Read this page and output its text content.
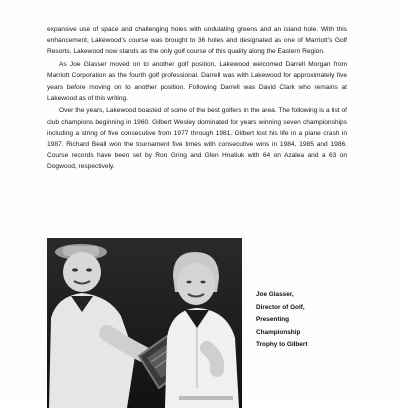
expansive use of space and challenging holes with undulating greens and an island hole. With this enhancement, Lakewood’s course was brought to 36 holes and designated as one of Marriott’s Golf Resorts. Lakewood now stands as the only golf course of this quality along the Eastern Region.

As Joe Glasser moved on to another golf position, Lakewood welcomed Darrell Morgan from Marriott Corporation as the fourth golf professional. Darrell was with Lakewood for approximately five years before moving on to another position. Following Darrell was David Clark who remains at Lakewood as of this writing.

Over the years, Lakewood boasted of some of the best golfers in the area. The following is a list of club champions beginning in 1960. Gilbert Wesley dominated for years winning seven championships including a string of five consecutive from 1977 through 1981. Gilbert lost his life in a plane crash in 1987. Richard Beall won the tournament five times with consecutive wins in 1984, 1985 and 1986. Course records have been set by Ron Gring and Glen Hnatiuk with 64 on Azalea and a 63 on Dogwood, respectively.

Joe Glasser,
Director of Golf,
Presenting
Championship
Trophy to Gilbert
